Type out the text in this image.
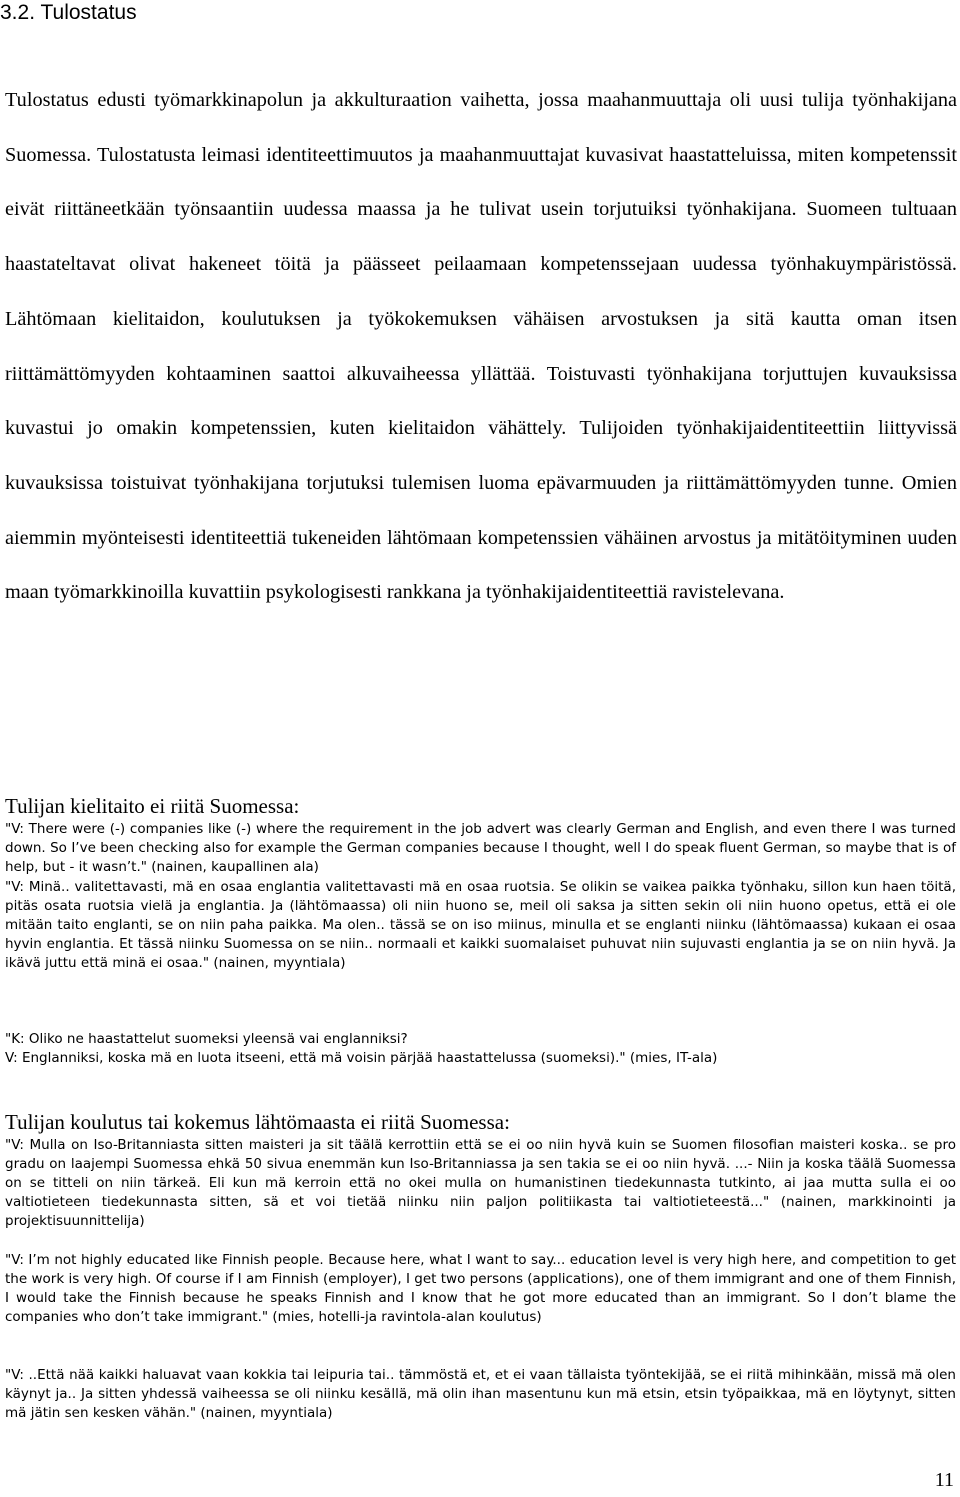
3.2. Tulostatus

Tulostatus edusti työmarkkinapolun ja akkulturaation vaihetta, jossa maahanmuuttaja oli uusi tulija työnhakijana Suomessa. Tulostatusta leimasi identiteettimuutos ja maahanmuuttajat kuvasivat haastatteluissa, miten kompetenssit eivät riittäneetkään työnsaantiin uudessa maassa ja he tulivat usein torjutuiksi työnhakijana. Suomeen tultuaan haastateltavat olivat hakeneet töitä ja päässeet peilaamaan kompetenssejaan uudessa työnhakuympäristössä. Lähtömaan kielitaidon, koulutuksen ja työkokemuksen vähäisen arvostuksen ja sitä kautta oman itsen riittämättömyyden kohtaaminen saattoi alkuvaiheessa yllättää. Toistuvasti työnhakijana torjuttujen kuvauksissa kuvastui jo omakin kompetenssien, kuten kielitaidon vähättely. Tulijoiden työnhakijaidentiteettiin liittyvissä kuvauksissa toistuivat työnhakijana torjutuksi tulemisen luoma epävarmuuden ja riittämättömyyden tunne. Omien aiemmin myönteisesti identiteettiä tukeneiden lähtömaan kompetenssien vähäinen arvostus ja mitätöityminen uuden maan työmarkkinoilla kuvattiin psykologisesti rankkana ja työnhakijaidentiteettiä ravistelevana.

Tulijan kielitaito ei riitä Suomessa:

"V: There were (-) companies like (-) where the requirement in the job advert was clearly German and English, and even there I was turned down. So I’ve been checking also for example the German companies because I thought, well I do speak fluent German, so maybe that is of help, but - it wasn’t." (nainen, kaupallinen ala)

"V: Minä.. valitettavasti, mä en osaa englantia valitettavasti mä en osaa ruotsia. Se olikin se vaikea paikka työnhaku, sillon kun haen töitä, pitäs osata ruotsia vielä ja englantia. Ja (lähtömaassa) oli niin huono se, meil oli saksa ja sitten sekin oli niin huono opetus, että ei ole mitään taito englanti, se on niin paha paikka. Ma olen.. tässä se on iso miinus, minulla et se englanti niinku (lähtömaassa) kukaan ei osaa hyvin englantia. Et tässä niinku Suomessa on se niin.. normaali et kaikki suomalaiset puhuvat niin sujuvasti englantia ja se on niin hyvä. Ja ikävä juttu että minä ei osaa." (nainen, myyntiala)

"K: Oliko ne haastattelut suomeksi yleensä vai englanniksi?
V: Englanniksi, koska mä en luota itseeni, että mä voisin pärjää haastattelussa (suomeksi)." (mies, IT-ala)

Tulijan koulutus tai kokemus lähtömaasta ei riitä Suomessa:

"V: Mulla on Iso-Britanniasta sitten maisteri ja sit täälä kerrottiin että se ei oo niin hyvä kuin se Suomen filosofian maisteri koska.. se pro gradu on laajempi Suomessa ehkä 50 sivua enemmän kun Iso-Britanniassa ja sen takia se ei oo niin hyvä. ...- Niin ja koska täälä Suomessa on se titteli on niin tärkeä. Eli kun mä kerroin että no okei mulla on humanistinen tiedekunnasta tutkinto, ai jaa mutta sulla ei oo valtiotieteen tiedekunnasta sitten, sä et voi tietää niinku niin paljon politiikasta tai valtiotieteestä..." (nainen, markkinointi ja projektisuunnittelija)

"V: I’m not highly educated like Finnish people. Because here, what I want to say... education level is very high here, and competition to get the work is very high. Of course if I am Finnish (employer), I get two persons (applications), one of them immigrant and one of them Finnish, I would take the Finnish because he speaks Finnish and I know that he got more educated than an immigrant. So I don’t blame the companies who don’t take immigrant." (mies, hotelli-ja ravintola-alan koulutus)

"V: ..Että nää kaikki haluavat vaan kokkia tai leipuria tai.. tämmöstä et, et ei vaan tällaista työntekijää, se ei riitä mihinkään, missä mä olen käynyt ja.. Ja sitten yhdessä vaiheessa se oli niinku kesällä, mä olin ihan masentunu kun mä etsin, etsin työpaikkaa, mä en löytynyt, sitten mä jätin sen kesken vähän." (nainen, myyntiala)

11
